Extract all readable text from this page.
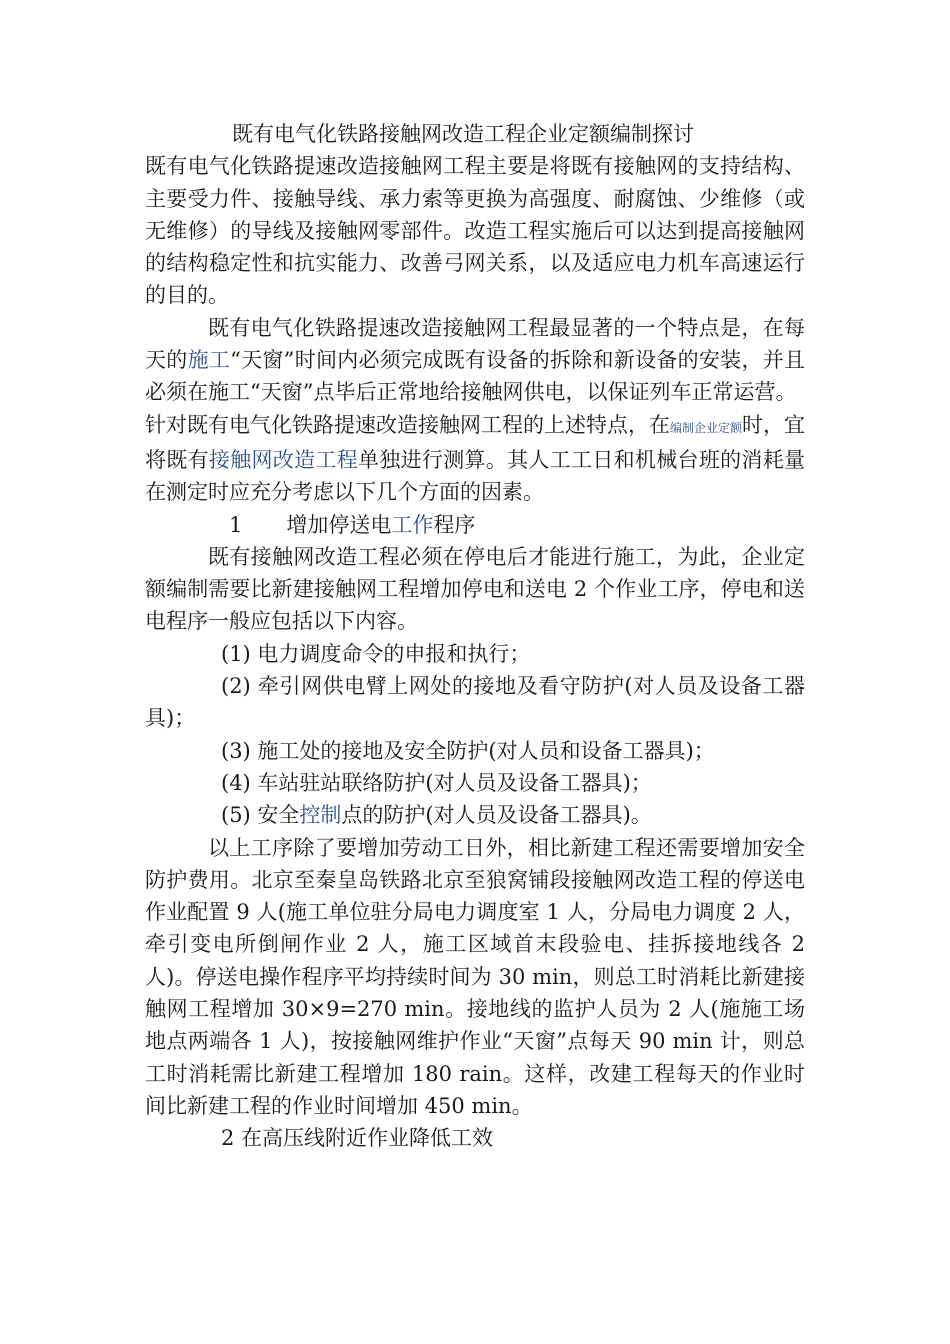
既有电气化铁路接触网改造工程企业定额编制探讨

既有电气化铁路提速改造接触网工程主要是将既有接触网的支持结构、主要受力件、接触导线、承力索等更换为高强度、耐腐蚀、少维修（或无维修）的导线及接触网零部件。改造工程实施后可以达到提高接触网的结构稳定性和抗实能力、改善弓网关系，以及适应电力机车高速运行的目的。

既有电气化铁路提速改造接触网工程最显著的一个特点是，在每天的施工“天窗”时间内必须完成既有设备的拆除和新设备的安装，并且必须在施工“天窗”点毕后正常地给接触网供电，以保证列车正常运营。

针对既有电气化铁路提速改造接触网工程的上述特点，在编制企业定额时，宜将既有接触网改造工程单独进行测算。其人工工日和机械台班的消耗量在测定时应充分考虑以下几个方面的因素。

1 增加停送电工作程序

既有接触网改造工程必须在停电后才能进行施工，为此，企业定额编制需要比新建接触网工程增加停电和送电 2 个作业工序，停电和送电程序一般应包括以下内容。

(1) 电力调度命令的申报和执行；

(2) 牵引网供电臂上网处的接地及看守防护(对人员及设备工器具)；

(3) 施工处的接地及安全防护(对人员和设备工器具)；

(4) 车站驻站联络防护(对人员及设备工器具)；

(5) 安全控制点的防护(对人员及设备工器具)。

以上工序除了要增加劳动工日外，相比新建工程还需要增加安全防护费用。北京至秦皇岛铁路北京至狼窝铺段接触网改造工程的停送电作业配置 9 人(施工单位驻分局电力调度室 1 人，分局电力调度 2 人，牵引变电所倒闸作业 2 人，施工区域首末段验电、挂拆接地线各 2 人)。停送电操作程序平均持续时间为 30 min，则总工时消耗比新建接触网工程增加 30×9=270 min。接地线的监护人员为 2 人(施施工场地点两端各 1 人)，按接触网维护作业“天窗”点每天 90 min 计，则总工时消耗需比新建工程增加 180 rain。这样，改建工程每天的作业时间比新建工程的作业时间增加 450 min。

2 在高压线附近作业降低工效
